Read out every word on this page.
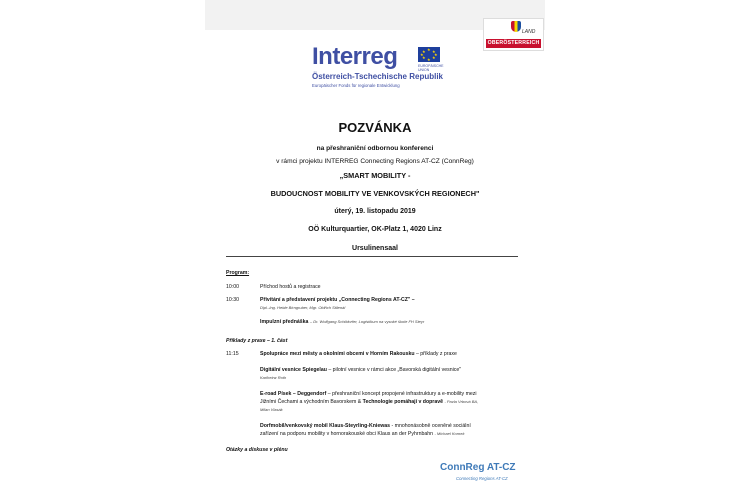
LAND
OBERÖSTERREICH
Interreg	★
★ ★
★	★
★ ★
★
EUROPÄISCHE UNION
Österreich-Tschechische Republik
Europäischer Fonds für regionale Entwicklung
POZVÁNKA
na přeshraniční odbornou konferenci
v rámci projektu INTERREG Connecting Regions AT-CZ (ConnReg)
„SMART MOBILITY -
BUDOUCNOST MOBILITY VE VENKOVSKÝCH REGIONECH"
úterý, 19. listopadu 2019
OÖ Kulturquartier, OK-Platz 1, 4020 Linz
Ursulinensaal
Program:
10:00	Příchod hostů a registrace
10:30	Přivítání a představení projektu „Connecting Regions AT-CZ" –
Dipl.-Ing. Heide Birngruber, Mgr. Oldřich Stilenál
Impulzní přednáška – Dr. Wolfgang Schildorfer, Logistikum na vysoké škole FH Steyr
Příklady z praxe – 1. část
11:15	Spolupráce mezi městy a okolními obcemi v Horním Rakousku – příklady z praxe
Digitální vesnice Spiegelau – pilotní vesnice v rámci akce „Bavorská digitální vesnice"
Karlheinz Roth
E-road Písek – Deggendorf – přeshraniční koncept propojené infrastruktury a e-mobility mezi
Jižními Čechami a východním Bavorskem & Technologie pomáhají v dopravě - Pavla Vrbová BA,
Milan Vlasák
Dorfmobil/venkovský mobil Klaus-Steyrling-Kniewas - mnohonásobně oceněné sociální
zařízení na podporu mobility v hornorakouské obci Klaus an der Pyhrnbahn - Michael Kornek
Otázky a diskuse v plénu
ConnReg AT-CZ
Connecting Regions AT-CZ
